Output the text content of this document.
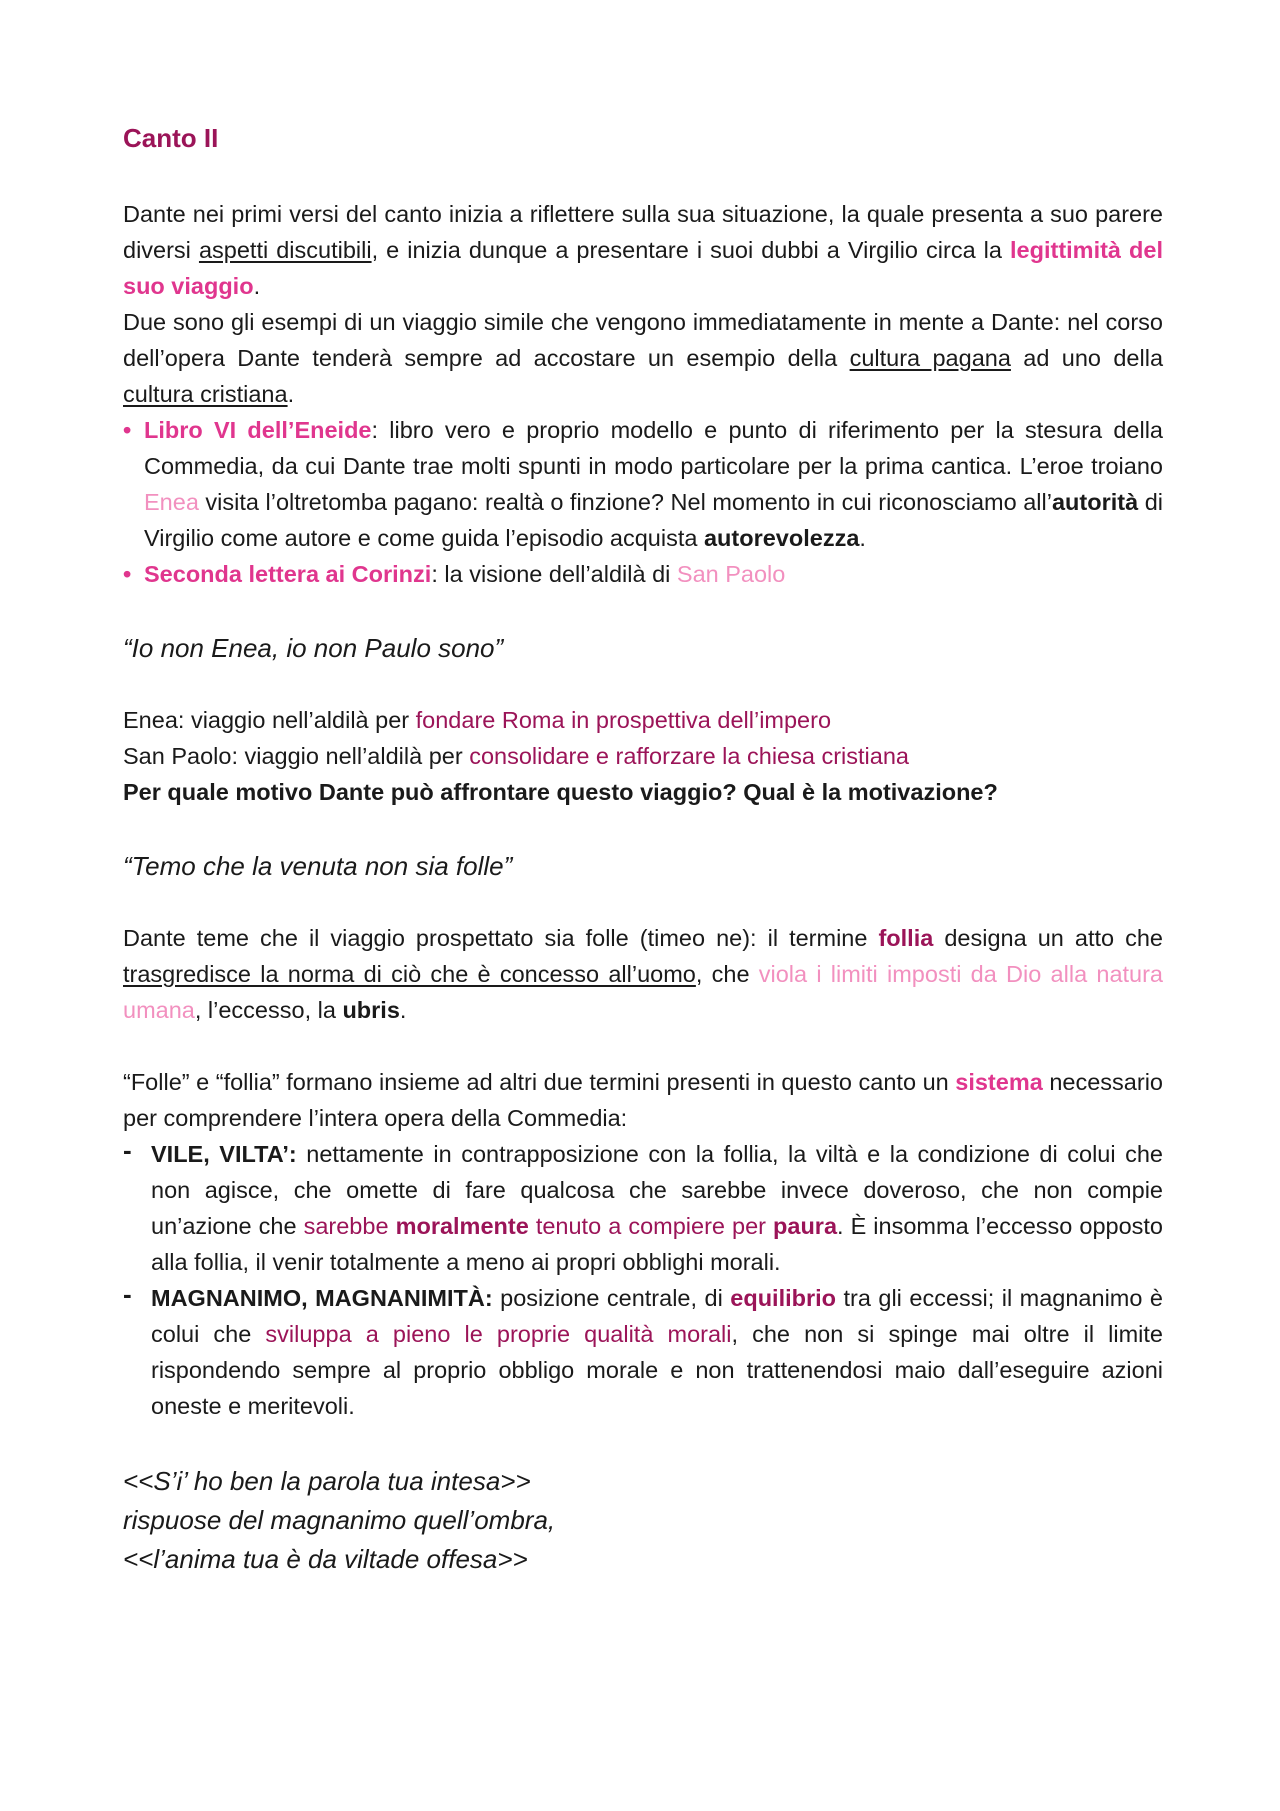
Canto II

Dante nei primi versi del canto inizia a riflettere sulla sua situazione, la quale presenta a suo parere diversi aspetti discutibili, e inizia dunque a presentare i suoi dubbi a Virgilio circa la legittimità del suo viaggio.

Due sono gli esempi di un viaggio simile che vengono immediatamente in mente a Dante: nel corso dell’opera Dante tenderà sempre ad accostare un esempio della cultura pagana ad uno della cultura cristiana.

• Libro VI dell’Eneide: libro vero e proprio modello e punto di riferimento per la stesura della Commedia, da cui Dante trae molti spunti in modo particolare per la prima cantica. L’eroe troiano Enea visita l’oltretomba pagano: realtà o finzione? Nel momento in cui riconosciamo all’autorità di Virgilio come autore e come guida l’episodio acquista autorevolezza.
• Seconda lettera ai Corinzi: la visione dell’aldilà di San Paolo
“Io non Enea, io non Paulo sono”

Enea: viaggio nell’aldilà per fondare Roma in prospettiva dell’impero

San Paolo: viaggio nell’aldilà per consolidare e rafforzare la chiesa cristiana

Per quale motivo Dante può affrontare questo viaggio? Qual è la motivazione?

“Temo che la venuta non sia folle”

Dante teme che il viaggio prospettato sia folle (timeo ne): il termine follia designa un atto che trasgredisce la norma di ciò che è concesso all’uomo, che viola i limiti imposti da Dio alla natura umana, l’eccesso, la ubris.

“Folle” e “follia” formano insieme ad altri due termini presenti in questo canto un sistema necessario per comprendere l’intera opera della Commedia:

- VILE, VILTA’: nettamente in contrapposizione con la follia, la viltà e la condizione di colui che non agisce, che omette di fare qualcosa che sarebbe invece doveroso, che non compie un’azione che sarebbe moralmente tenuto a compiere per paura. È insomma l’eccesso opposto alla follia, il venir totalmente a meno ai propri obblighi morali.
- MAGNANIMO, MAGNANIMITÀ: posizione centrale, di equilibrio tra gli eccessi; il magnanimo è colui che sviluppa a pieno le proprie qualità morali, che non si spinge mai oltre il limite rispondendo sempre al proprio obbligo morale e non trattenendosi maio dall’eseguire azioni oneste e meritevoli.
<<S’i’ ho ben la parola tua intesa>>
rispuose del magnanimo quell’ombra,
<<l’anima tua è da viltade offesa>>
